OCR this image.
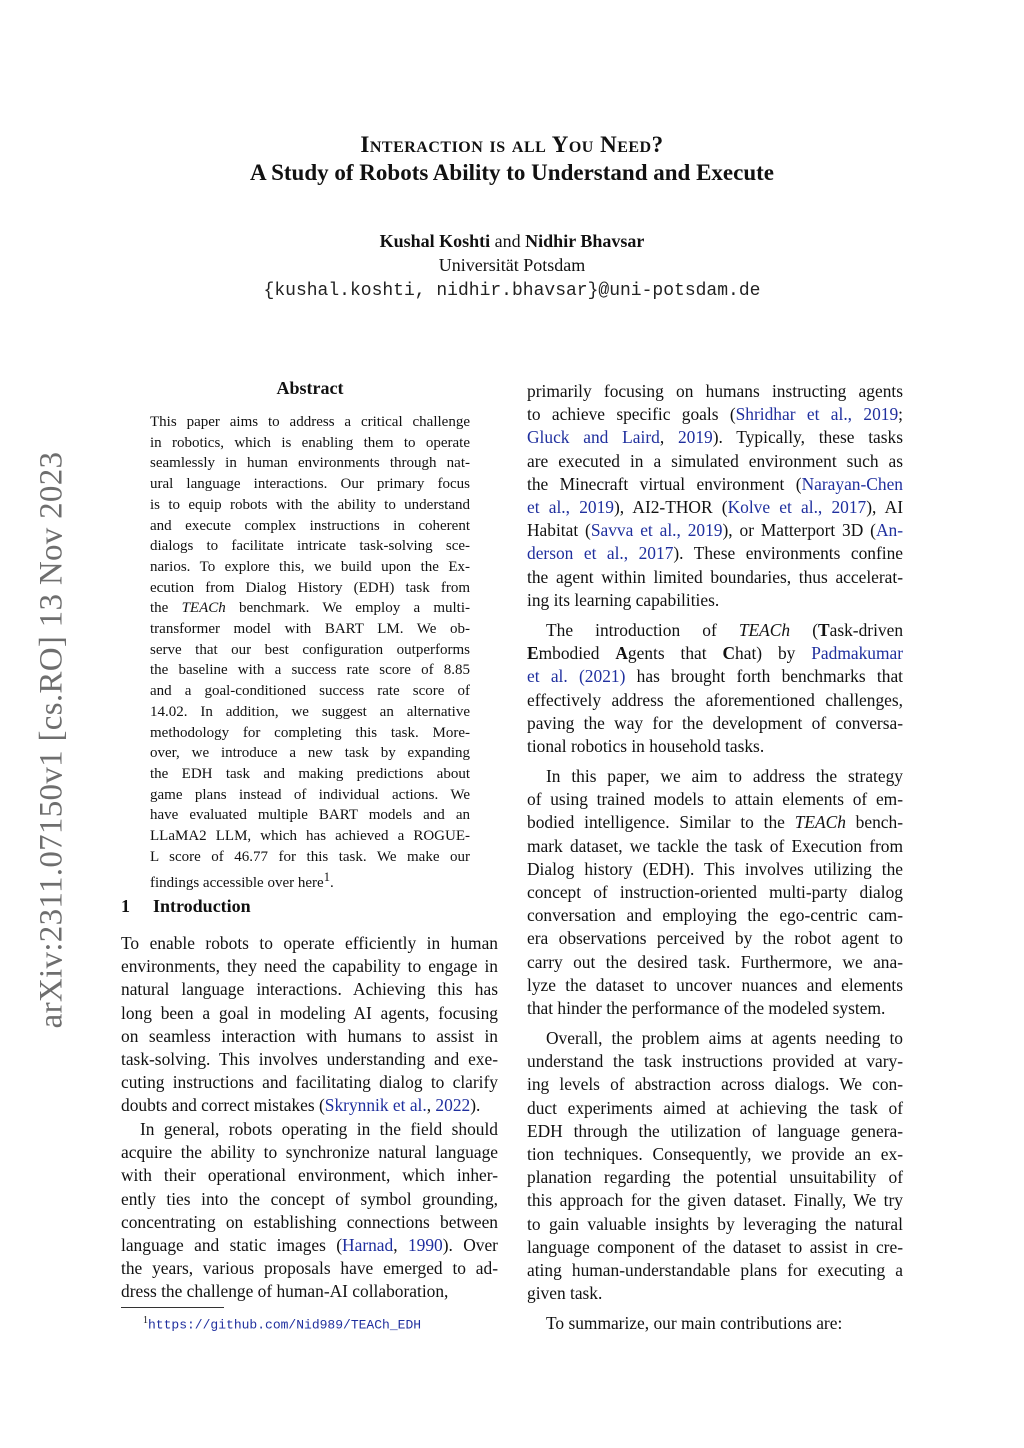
Interaction is all You Need?
A Study of Robots Ability to Understand and Execute
Kushal Koshti and Nidhir Bhavsar
Universität Potsdam
{kushal.koshti, nidhir.bhavsar}@uni-potsdam.de
arXiv:2311.07150v1 [cs.RO] 13 Nov 2023
Abstract
This paper aims to address a critical challenge
in robotics, which is enabling them to operate
seamlessly in human environments through nat-
ural language interactions. Our primary focus
is to equip robots with the ability to understand
and execute complex instructions in coherent
dialogs to facilitate intricate task-solving sce-
narios. To explore this, we build upon the Ex-
ecution from Dialog History (EDH) task from
the TEACh benchmark. We employ a multi-
transformer model with BART LM. We ob-
serve that our best configuration outperforms
the baseline with a success rate score of 8.85
and a goal-conditioned success rate score of
14.02. In addition, we suggest an alternative
methodology for completing this task. More-
over, we introduce a new task by expanding
the EDH task and making predictions about
game plans instead of individual actions. We
have evaluated multiple BART models and an
LLaMA2 LLM, which has achieved a ROGUE-
L score of 46.77 for this task. We make our
findings accessible over here$^1$.
1 Introduction
To enable robots to operate efficiently in human
environments, they need the capability to engage in
natural language interactions. Achieving this has
long been a goal in modeling AI agents, focusing
on seamless interaction with humans to assist in
task-solving. This involves understanding and exe-
cuting instructions and facilitating dialog to clarify
doubts and correct mistakes (Skrynnik et al., 2022).
In general, robots operating in the field should
acquire the ability to synchronize natural language
with their operational environment, which inher-
ently ties into the concept of symbol grounding,
concentrating on establishing connections between
language and static images (Harnad, 1990). Over
the years, various proposals have emerged to ad-
dress the challenge of human-AI collaboration,
$^1$https://github.com/Nid989/TEACh_EDH
primarily focusing on humans instructing agents
to achieve specific goals (Shridhar et al., 2019;
Gluck and Laird, 2019). Typically, these tasks
are executed in a simulated environment such as
the Minecraft virtual environment (Narayan-Chen
et al., 2019), AI2-THOR (Kolve et al., 2017), AI
Habitat (Savva et al., 2019), or Matterport 3D (An-
derson et al., 2017). These environments confine
the agent within limited boundaries, thus accelerat-
ing its learning capabilities.
The introduction of TEACh (Task-driven
Embodied Agents that Chat) by Padmakumar
et al. (2021) has brought forth benchmarks that
effectively address the aforementioned challenges,
paving the way for the development of conversa-
tional robotics in household tasks.
In this paper, we aim to address the strategy
of using trained models to attain elements of em-
bodied intelligence. Similar to the TEACh bench-
mark dataset, we tackle the task of Execution from
Dialog history (EDH). This involves utilizing the
concept of instruction-oriented multi-party dialog
conversation and employing the ego-centric cam-
era observations perceived by the robot agent to
carry out the desired task. Furthermore, we ana-
lyze the dataset to uncover nuances and elements
that hinder the performance of the modeled system.
Overall, the problem aims at agents needing to
understand the task instructions provided at vary-
ing levels of abstraction across dialogs. We con-
duct experiments aimed at achieving the task of
EDH through the utilization of language genera-
tion techniques. Consequently, we provide an ex-
planation regarding the potential unsuitability of
this approach for the given dataset. Finally, We try
to gain valuable insights by leveraging the natural
language component of the dataset to assist in cre-
ating human-understandable plans for executing a
given task.
To summarize, our main contributions are:
